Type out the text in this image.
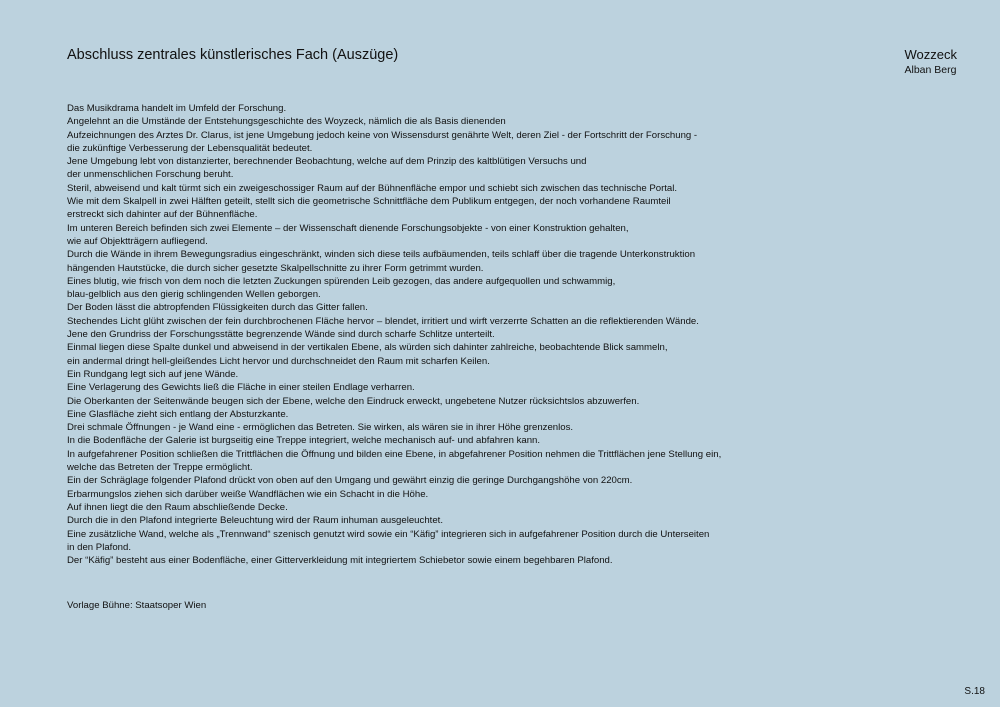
Abschluss zentrales künstlerisches Fach (Auszüge)	Wozzeck
Alban Berg
Das Musikdrama handelt im Umfeld der Forschung.
Angelehnt an die Umstände der Entstehungsgeschichte des Woyzeck, nämlich die als Basis dienenden
Aufzeichnungen des Arztes Dr. Clarus, ist jene Umgebung jedoch keine von Wissensdurst genährte Welt, deren Ziel - der Fortschritt der Forschung -
die zukünftige Verbesserung der Lebensqualität bedeutet.
Jene Umgebung lebt von distanzierter, berechnender Beobachtung, welche auf dem Prinzip des kaltblütigen Versuchs und
der unmenschlichen Forschung beruht.
Steril, abweisend und kalt türmt sich ein zweigeschossiger Raum auf der Bühnenfläche empor und schiebt sich zwischen das technische Portal.
Wie mit dem Skalpell in zwei Hälften geteilt, stellt sich die geometrische Schnittfläche dem Publikum entgegen, der noch vorhandene Raumteil
erstreckt sich dahinter auf der Bühnenfläche.
Im unteren Bereich befinden sich zwei Elemente – der Wissenschaft dienende Forschungsobjekte - von einer Konstruktion gehalten,
wie auf Objektträgern aufliegend.
Durch die Wände in ihrem Bewegungsradius eingeschränkt, winden sich diese teils aufbäumenden, teils schlaff über die tragende Unterkonstruktion
hängenden Hautstücke, die durch sicher gesetzte Skalpellschnitte zu ihrer Form getrimmt wurden.
Eines blutig, wie frisch von dem noch die letzten Zuckungen spürenden Leib gezogen, das andere aufgequollen und schwammig,
blau-gelblich aus den gierig schlingenden Wellen geborgen.
Der Boden lässt die abtropfenden Flüssigkeiten durch das Gitter fallen.
Stechendes Licht glüht zwischen der fein durchbrochenen Fläche hervor – blendet, irritiert und wirft verzerrte Schatten an die reflektierenden Wände.
Jene den Grundriss der Forschungsstätte begrenzende Wände sind durch scharfe Schlitze unterteilt.
Einmal liegen diese Spalte dunkel und abweisend in der vertikalen Ebene, als würden sich dahinter zahlreiche, beobachtende Blick sammeln,
ein andermal dringt hell-gleißendes Licht hervor und durchschneidet den Raum mit scharfen Keilen.
Ein Rundgang legt sich auf jene Wände.
Eine Verlagerung des Gewichts ließ die Fläche in einer steilen Endlage verharren.
Die Oberkanten der Seitenwände beugen sich der Ebene, welche den Eindruck erweckt, ungebetene Nutzer rücksichtslos abzuwerfen.
Eine Glasfläche zieht sich entlang der Absturzkante.
Drei schmale Öffnungen - je Wand eine - ermöglichen das Betreten. Sie wirken, als wären sie in ihrer Höhe grenzenlos.
In die Bodenfläche der Galerie ist burgseitig eine Treppe integriert, welche mechanisch auf- und abfahren kann.
In aufgefahrener Position schließen die Trittflächen die Öffnung und bilden eine Ebene, in abgefahrener Position nehmen die Trittflächen jene Stellung ein,
welche das Betreten der Treppe ermöglicht.
Ein der Schräglage folgender Plafond drückt von oben auf den Umgang und gewährt einzig die geringe Durchgangshöhe von 220cm.
Erbarmungslos ziehen sich darüber weiße Wandflächen wie ein Schacht in die Höhe.
Auf ihnen liegt die den Raum abschließende Decke.
Durch die in den Plafond integrierte Beleuchtung wird der Raum inhuman ausgeleuchtet.
Eine zusätzliche Wand, welche als „Trennwand“ szenisch genutzt wird sowie ein “Käfig” integrieren sich in aufgefahrener Position durch die Unterseiten
in den Plafond.
Der “Käfig” besteht aus einer Bodenfläche, einer Gitterverkleidung mit integriertem Schiebetor sowie einem begehbaren Plafond.
Vorlage Bühne: Staatsoper Wien
S.18
